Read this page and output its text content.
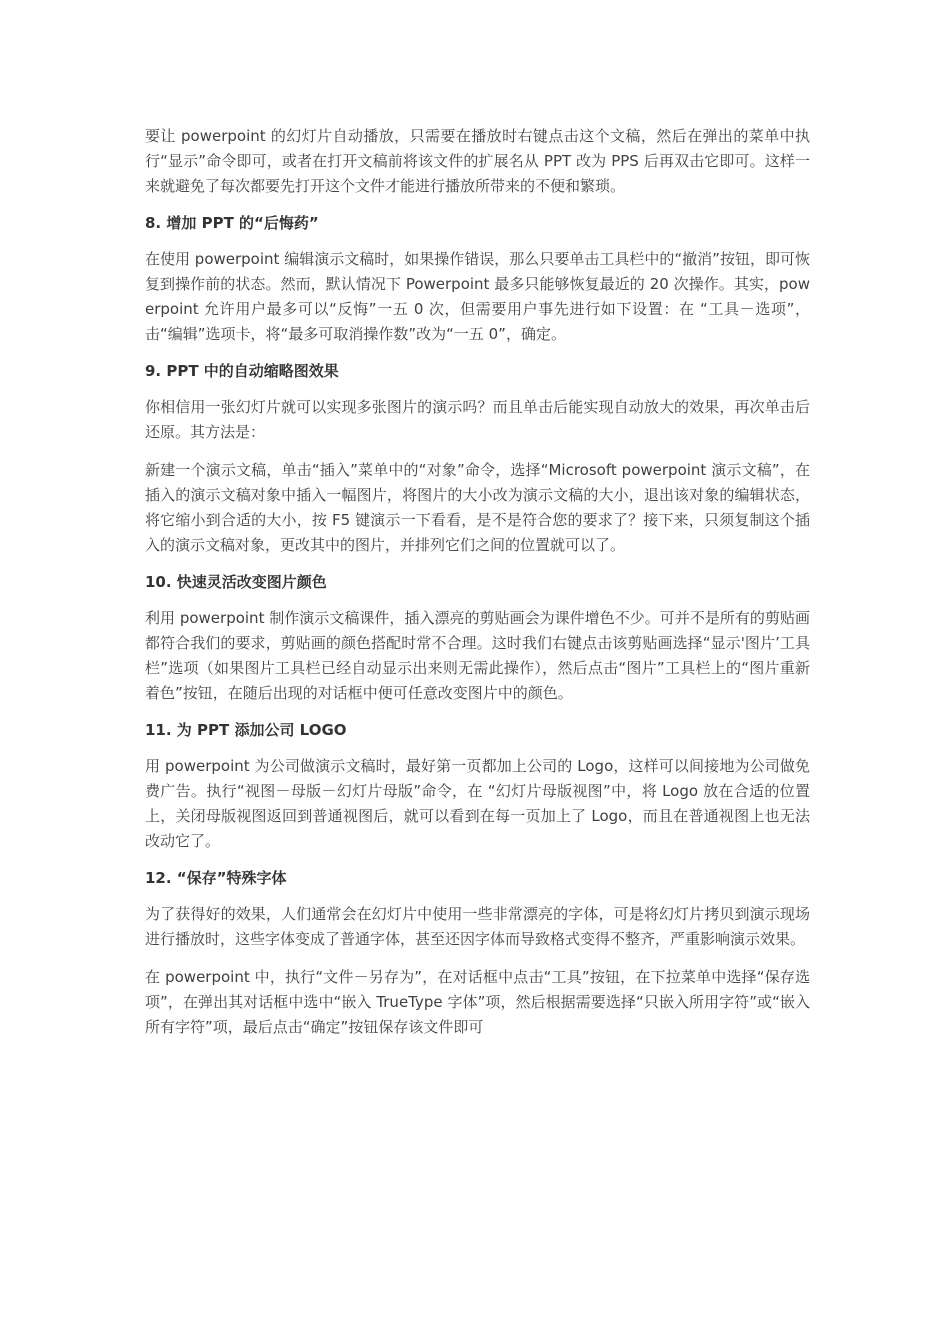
要让 powerpoint 的幻灯片自动播放，只需要在播放时右键点击这个文稿，然后在弹出的菜单中执行“显示”命令即可，或者在打开文稿前将该文件的扩展名从 PPT 改为 PPS 后再双击它即可。这样一来就避免了每次都要先打开这个文件才能进行播放所带来的不便和繁琐。

8. 增加 PPT 的“后悔药”

在使用 powerpoint 编辑演示文稿时，如果操作错误，那么只要单击工具栏中的“撤消”按钮，即可恢复到操作前的状态。然而，默认情况下 Powerpoint 最多只能够恢复最近的 20 次操作。其实，powerpoint 允许用户最多可以“反悔”一五 0 次，但需要用户事先进行如下设置：在 “工具－选项”，击“编辑”选项卡，将“最多可取消操作数”改为“一五 0”，确定。

9. PPT 中的自动缩略图效果

你相信用一张幻灯片就可以实现多张图片的演示吗？而且单击后能实现自动放大的效果，再次单击后还原。其方法是：

新建一个演示文稿，单击“插入”菜单中的“对象”命令，选择“Microsoft powerpoint 演示文稿”，在插入的演示文稿对象中插入一幅图片，将图片的大小改为演示文稿的大小，退出该对象的编辑状态，将它缩小到合适的大小，按 F5 键演示一下看看，是不是符合您的要求了？接下来，只须复制这个插入的演示文稿对象，更改其中的图片，并排列它们之间的位置就可以了。

10. 快速灵活改变图片颜色

利用 powerpoint 制作演示文稿课件，插入漂亮的剪贴画会为课件增色不少。可并不是所有的剪贴画都符合我们的要求，剪贴画的颜色搭配时常不合理。这时我们右键点击该剪贴画选择“显示'图片’工具栏”选项（如果图片工具栏已经自动显示出来则无需此操作），然后点击“图片”工具栏上的“图片重新着色”按钮，在随后出现的对话框中便可任意改变图片中的颜色。

11. 为 PPT 添加公司 LOGO

用 powerpoint 为公司做演示文稿时，最好第一页都加上公司的 Logo，这样可以间接地为公司做免费广告。执行“视图－母版－幻灯片母版”命令，在 “幻灯片母版视图”中，将 Logo 放在合适的位置上，关闭母版视图返回到普通视图后，就可以看到在每一页加上了 Logo，而且在普通视图上也无法改动它了。

12. “保存”特殊字体

为了获得好的效果，人们通常会在幻灯片中使用一些非常漂亮的字体，可是将幻灯片拷贝到演示现场进行播放时，这些字体变成了普通字体，甚至还因字体而导致格式变得不整齐，严重影响演示效果。

在 powerpoint 中，执行“文件－另存为”，在对话框中点击“工具”按钮，在下拉菜单中选择“保存选项”，在弹出其对话框中选中“嵌入 TrueType 字体”项，然后根据需要选择“只嵌入所用字符”或“嵌入所有字符”项，最后点击“确定”按钮保存该文件即可
